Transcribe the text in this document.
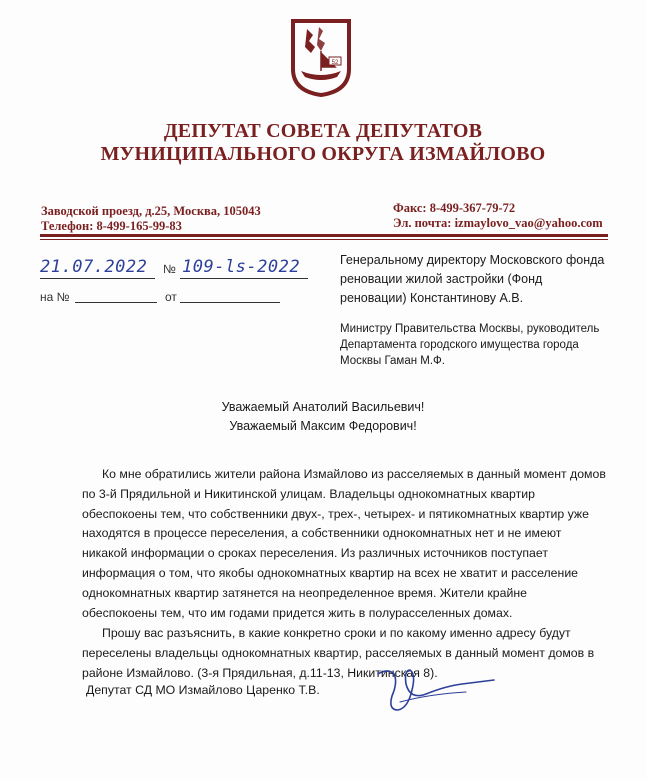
52
ДЕПУТАТ СОВЕТА ДЕПУТАТОВ
МУНИЦИПАЛЬНОГО ОКРУГА ИЗМАЙЛОВО
Заводской проезд, д.25, Москва, 105043
Телефон: 8-499-165-99-83
Факс: 8-499-367-79-72
Эл. почта: izmaylovo_vao@yahoo.com
21.07.2022 № 109-ls-2022
на №	от
Генеральному директору Московского фонда
реновации жилой застройки (Фонд
реновации) Константинову А.В.
Министру Правительства Москвы, руководитель
Департамента городского имущества города
Москвы Гаман М.Ф.
Уважаемый Анатолий Васильевич!
Уважаемый Максим Федорович!
Ко мне обратились жители района Измайлово из расселяемых в данный момент домов
по 3-й Прядильной и Никитинской улицам. Владельцы однокомнатных квартир
обеспокоены тем, что собственники двух-, трех-, четырех- и пятикомнатных квартир уже
находятся в процессе переселения, а собственники однокомнатных нет и не имеют
никакой информации о сроках переселения. Из различных источников поступает
информация о том, что якобы однокомнатных квартир на всех не хватит и расселение
однокомнатных квартир затянется на неопределенное время. Жители крайне
обеспокоены тем, что им годами придется жить в полурасселенных домах.
Прошу вас разъяснить, в какие конкретно сроки и по какому именно адресу будут
переселены владельцы однокомнатных квартир, расселяемых в данный момент домов в
районе Измайлово. (3-я Прядильная, д.11-13, Никитинская 8).
Депутат СД МО Измайлово Царенко Т.В.
